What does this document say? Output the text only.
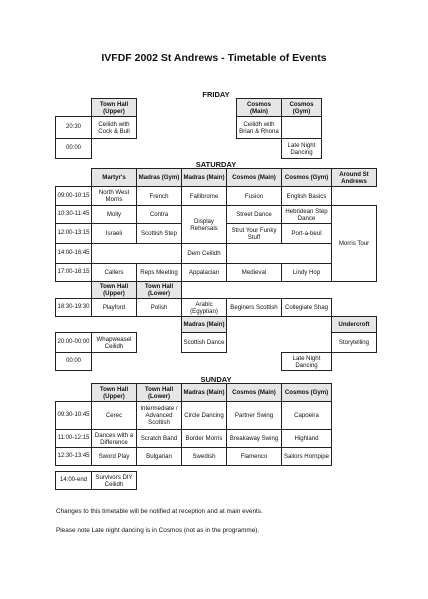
IVFDF 2002 St Andrews - Timetable of Events
FRIDAY
	Town Hall (Upper)		Cosmos (Main)	Cosmos (Gym)
20:30	Ceilidh with Cock & Bull		Ceilidh with Brian & Rhona	
00:00				Late Night Dancing
SATURDAY
	Martyr's	Madras (Gym)	Madras (Main)	Cosmos (Main)	Cosmos (Gym)	Around St Andrews
09:00-10:15	North West Morris	French	Fallibrome	Fusion	English Basics	
10:30-11:45	Molly	Contra	Display Rehersals	Street Dance	Hebridean Step Dance	Morris Tour
12:00-13:15	Israeli	Scottish Step		Strut Your Funky Stuff	Port-a-beul	
14:00-16:45			Dem Ceilidh			
17:00-18:15	Callers	Reps Meeting	Appalacian	Medieval	Lindy Hop	
	Town Hall (Upper)	Town Hall (Lower)				
18:30-19:30	Playford	Polish	Arabic (Egyptian)	Beginers Scottish	Collegiate Shag	
			Madras (Main)			Undercroft
20:00-00:00	Whapweasel Ceilidh		Scottish Dance			Storytelling
00:00					Late Night Dancing	
SUNDAY
	Town Hall (Upper)	Town Hall (Lower)	Madras (Main)	Cosmos (Main)	Cosmos (Gym)
09:30-10:45	Cerec	Intermediate / Advanced Scottish	Circle Dancing	Partner Swing	Capoeira
11:00-12:15	Dances with a Difference	Scratch Band	Border Morris	Breakaway Swing	Highland
12:30-13:45	Sword Play	Bulgarian	Swedish	Flamenco	Sailors Hornpipe
14:00-end	Survivors DIY Ceilidh
Changes to this timetable will be notified at reception and at main events.
Please note Late night dancing is in Cosmos (not as in the programme).
